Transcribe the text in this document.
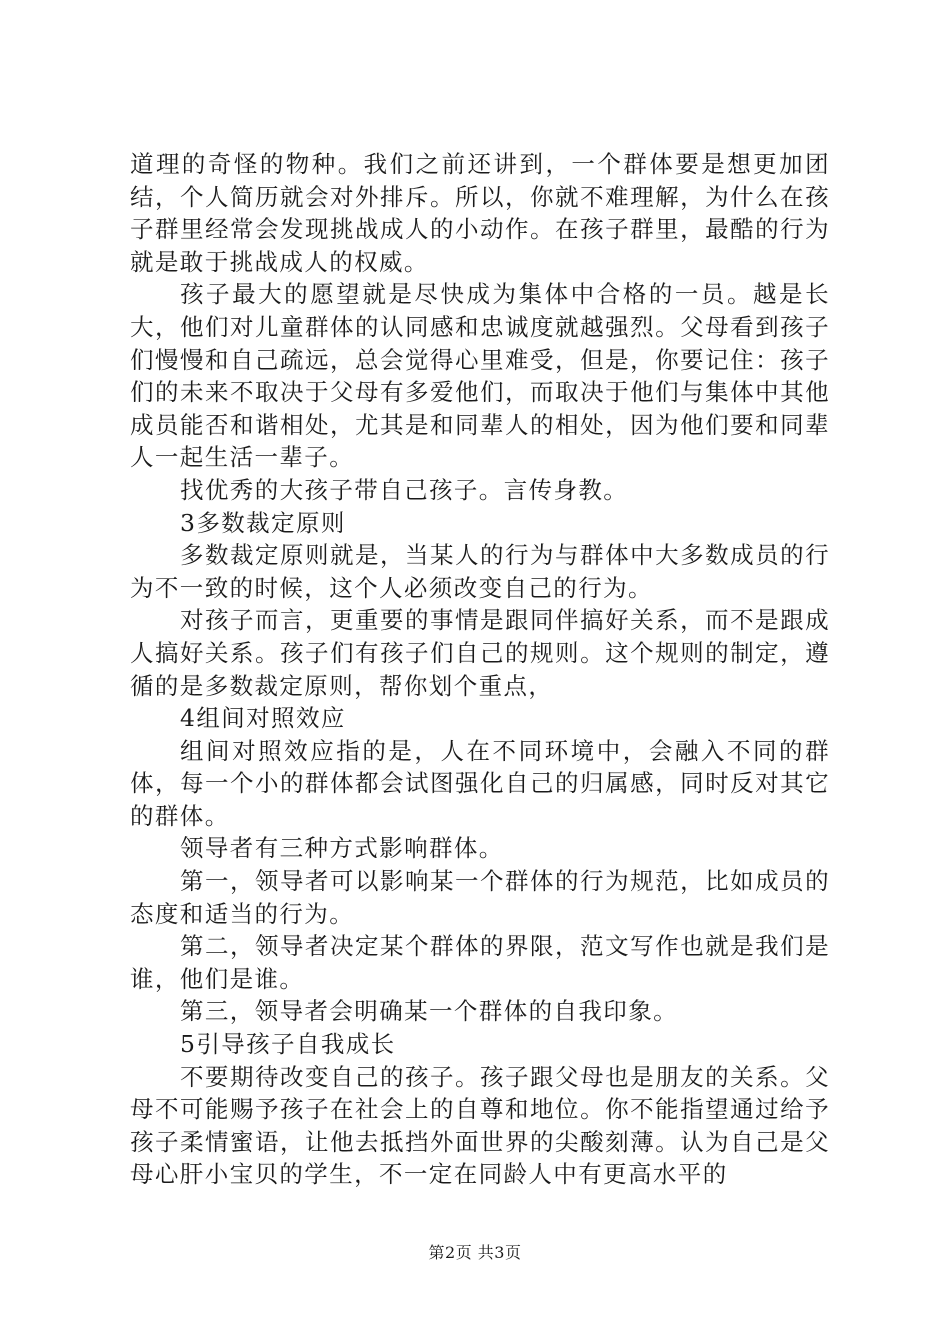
道理的奇怪的物种。我们之前还讲到，一个群体要是想更加团结，个人简历就会对外排斥。所以，你就不难理解，为什么在孩子群里经常会发现挑战成人的小动作。在孩子群里，最酷的行为就是敢于挑战成人的权威。

孩子最大的愿望就是尽快成为集体中合格的一员。越是长大，他们对儿童群体的认同感和忠诚度就越强烈。父母看到孩子们慢慢和自己疏远，总会觉得心里难受，但是，你要记住：孩子们的未来不取决于父母有多爱他们，而取决于他们与集体中其他成员能否和谐相处，尤其是和同辈人的相处，因为他们要和同辈人一起生活一辈子。

找优秀的大孩子带自己孩子。言传身教。

3多数裁定原则

多数裁定原则就是，当某人的行为与群体中大多数成员的行为不一致的时候，这个人必须改变自己的行为。

对孩子而言，更重要的事情是跟同伴搞好关系，而不是跟成人搞好关系。孩子们有孩子们自己的规则。这个规则的制定，遵循的是多数裁定原则，帮你划个重点，

4组间对照效应

组间对照效应指的是，人在不同环境中，会融入不同的群体，每一个小的群体都会试图强化自己的归属感，同时反对其它的群体。

领导者有三种方式影响群体。

第一，领导者可以影响某一个群体的行为规范，比如成员的态度和适当的行为。

第二，领导者决定某个群体的界限，范文写作也就是我们是谁，他们是谁。

第三，领导者会明确某一个群体的自我印象。

5引导孩子自我成长

不要期待改变自己的孩子。孩子跟父母也是朋友的关系。父母不可能赐予孩子在社会上的自尊和地位。你不能指望通过给予孩子柔情蜜语，让他去抵挡外面世界的尖酸刻薄。认为自己是父母心肝小宝贝的学生，不一定在同龄人中有更高水平的

第2页 共3页
